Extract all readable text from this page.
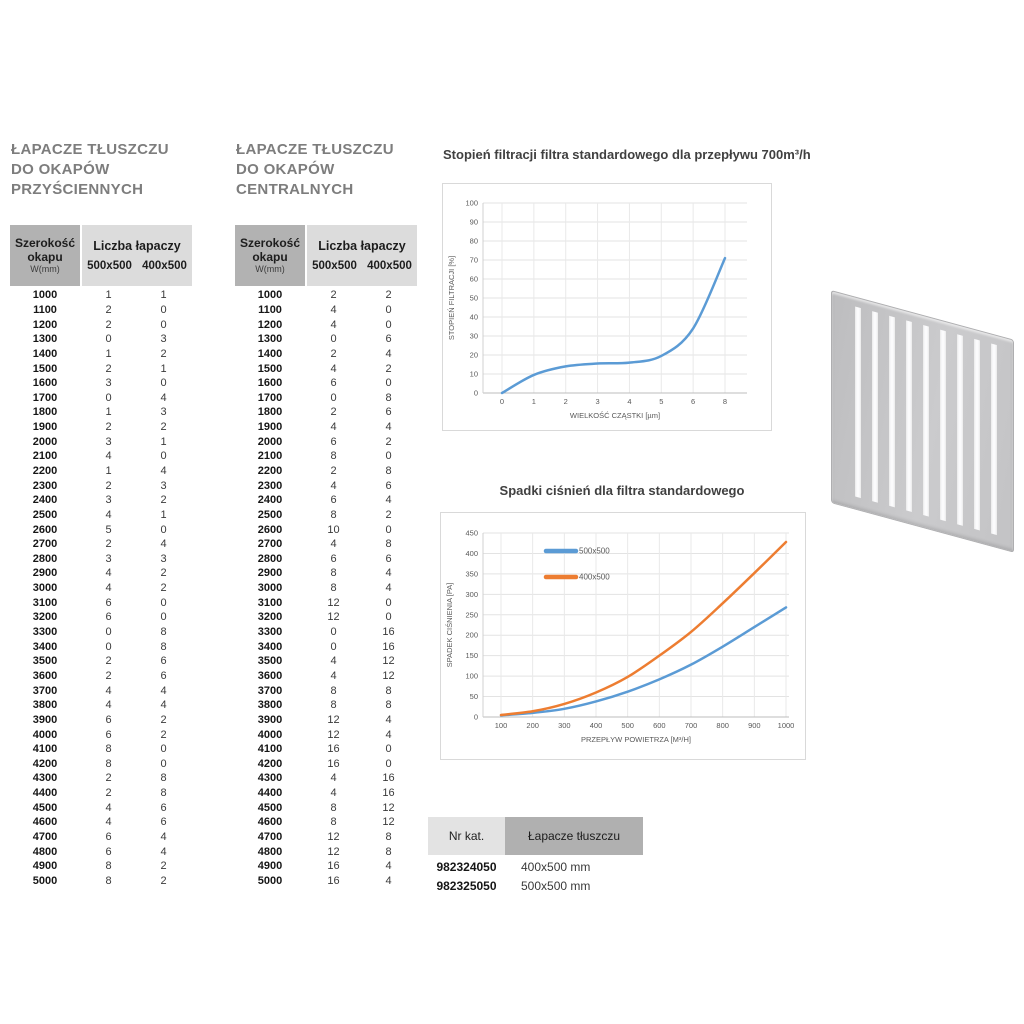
ŁAPACZE TŁUSZCZU
DO OKAPÓW
PRZYŚCIENNYCH
Szerokość
okapu
W(mm)
Liczba łapaczy
500x500 400x500
1000	1	1
1100	2	0
1200	2	0
1300	0	3
1400	1	2
1500	2	1
1600	3	0
1700	0	4
1800	1	3
1900	2	2
2000	3	1
2100	4	0
2200	1	4
2300	2	3
2400	3	2
2500	4	1
2600	5	0
2700	2	4
2800	3	3
2900	4	2
3000	4	2
3100	6	0
3200	6	0
3300	0	8
3400	0	8
3500	2	6
3600	2	6
3700	4	4
3800	4	4
3900	6	2
4000	6	2
4100	8	0
4200	8	0
4300	2	8
4400	2	8
4500	4	6
4600	4	6
4700	6	4
4800	6	4
4900	8	2
5000	8	2
ŁAPACZE TŁUSZCZU
DO OKAPÓW
CENTRALNYCH
Szerokość
okapu
W(mm)
Liczba łapaczy
500x500 400x500
1000	2	2
1100	4	0
1200	4	0
1300	0	6
1400	2	4
1500	4	2
1600	6	0
1700	0	8
1800	2	6
1900	4	4
2000	6	2
2100	8	0
2200	2	8
2300	4	6
2400	6	4
2500	8	2
2600	10	0
2700	4	8
2800	6	6
2900	8	4
3000	8	4
3100	12	0
3200	12	0
3300	0	16
3400	0	16
3500	4	12
3600	4	12
3700	8	8
3800	8	8
3900	12	4
4000	12	4
4100	16	0
4200	16	0
4300	4	16
4400	4	16
4500	8	12
4600	8	12
4700	12	8
4800	12	8
4900	16	4
5000	16	4
Stopień filtracji filtra standardowego dla przepływu 700m³/h
0
10
20
30
40
50
60
70
80
90
100
0	1	2	3	4	5	6	8
WIELKOŚĆ CZĄSTKI [µm]
STOPIEŃ FILTRACJI [%]
Spadki ciśnień dla filtra standardowego
0
50
100
150
200
250
300
350
400
450
100	200	300	400	500	600	700	800	900 1000
PRZEPŁYW POWIETRZA [M³/H]
SPADEK CIŚNIENIA [PA]
500x500
400x500
Nr kat.	Łapacze tłuszczu
982324050	400x500 mm
982325050	500x500 mm
